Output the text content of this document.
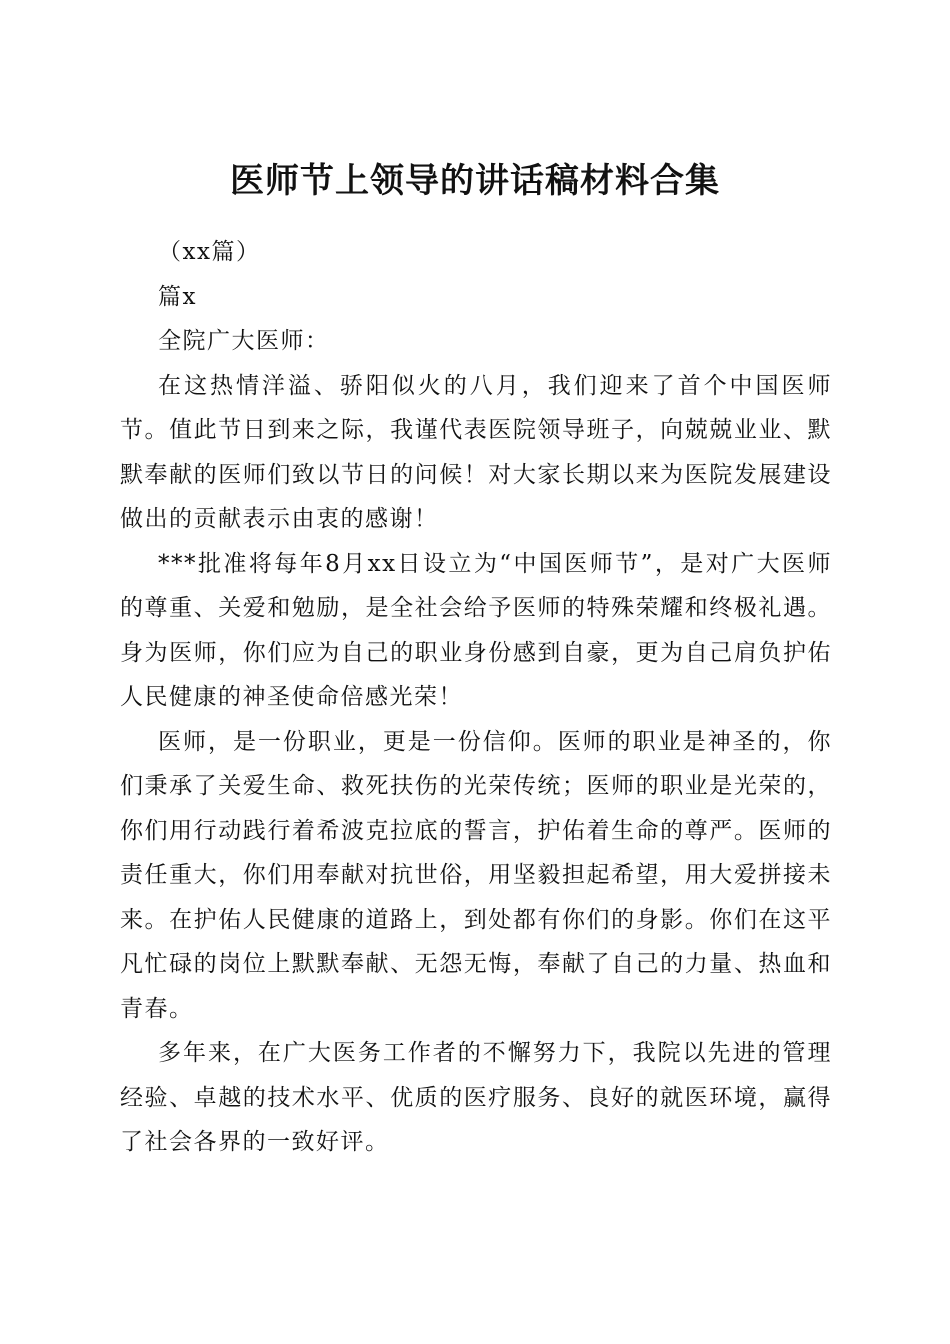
医师节上领导的讲话稿材料合集

（xx篇）

篇x

全院广大医师：

在这热情洋溢、骄阳似火的八月，我们迎来了首个中国医师节。值此节日到来之际，我谨代表医院领导班子，向兢兢业业、默默奉献的医师们致以节日的问候！对大家长期以来为医院发展建设做出的贡献表示由衷的感谢！

***批准将每年8月xx日设立为“中国医师节”，是对广大医师的尊重、关爱和勉励，是全社会给予医师的特殊荣耀和终极礼遇。身为医师，你们应为自己的职业身份感到自豪，更为自己肩负护佑人民健康的神圣使命倍感光荣！

医师，是一份职业，更是一份信仰。医师的职业是神圣的，你们秉承了关爱生命、救死扶伤的光荣传统；医师的职业是光荣的，你们用行动践行着希波克拉底的誓言，护佑着生命的尊严。医师的责任重大，你们用奉献对抗世俗，用坚毅担起希望，用大爱拼接未来。在护佑人民健康的道路上，到处都有你们的身影。你们在这平凡忙碌的岗位上默默奉献、无怨无悔，奉献了自己的力量、热血和青春。

多年来，在广大医务工作者的不懈努力下，我院以先进的管理经验、卓越的技术水平、优质的医疗服务、良好的就医环境，赢得了社会各界的一致好评。
